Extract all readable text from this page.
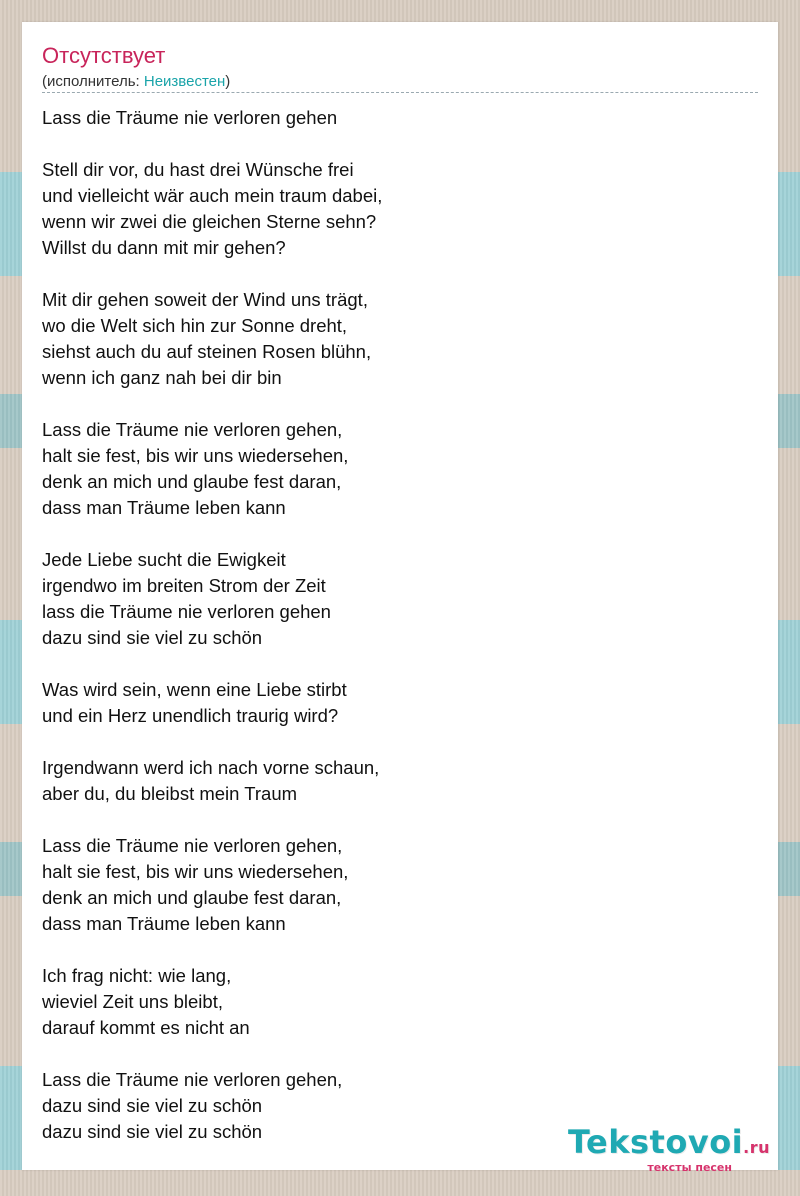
Отсутствует
(исполнитель: Неизвестен)
Lass die Träume nie verloren gehen
Stell dir vor, du hast drei Wünsche frei
und vielleicht wär auch mein traum dabei,
wenn wir zwei die gleichen Sterne sehn?
Willst du dann mit mir gehen?
Mit dir gehen soweit der Wind uns trägt,
wo die Welt sich hin zur Sonne dreht,
siehst auch du auf steinen Rosen blühn,
wenn ich ganz nah bei dir bin
Lass die Träume nie verloren gehen,
halt sie fest, bis wir uns wiedersehen,
denk an mich und glaube fest daran,
dass man Träume leben kann
Jede Liebe sucht die Ewigkeit
irgendwo im breiten Strom der Zeit
lass die Träume nie verloren gehen
dazu sind sie viel zu schön
Was wird sein, wenn eine Liebe stirbt
und ein Herz unendlich traurig wird?
Irgendwann werd ich nach vorne schaun,
aber du, du bleibst mein Traum
Lass die Träume nie verloren gehen,
halt sie fest, bis wir uns wiedersehen,
denk an mich und glaube fest daran,
dass man Träume leben kann
Ich frag nicht: wie lang,
wieviel Zeit uns bleibt,
darauf kommt es nicht an
Lass die Träume nie verloren gehen,
dazu sind sie viel zu schön
dazu sind sie viel zu schön	Tekstovoi.ru
тексты песен
